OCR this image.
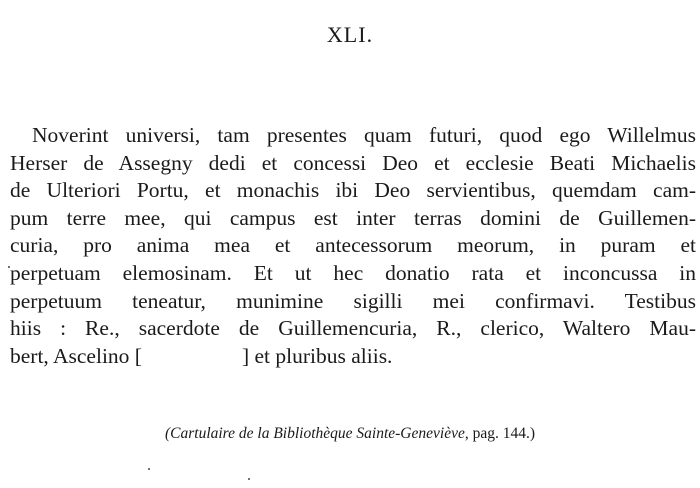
XLI.
Noverint universi, tam presentes quam futuri, quod ego Willelmus
Herser de Assegny dedi et concessi Deo et ecclesie Beati Michaelis
de Ulteriori Portu, et monachis ibi Deo servientibus, quemdam cam-
pum terre mee, qui campus est inter terras domini de Guillemen-
curia, pro anima mea et antecessorum meorum, in puram et
perpetuam elemosinam. Et ut hec donatio rata et inconcussa in
perpetuum teneatur, munimine sigilli mei confirmavi. Testibus
hiis : Re., sacerdote de Guillemencuria, R., clerico, Waltero Mau-
bert, Ascelino [	] et pluribus aliis.
(Cartulaire de la Bibliothèque Sainte-Geneviève, pag. 144.)
